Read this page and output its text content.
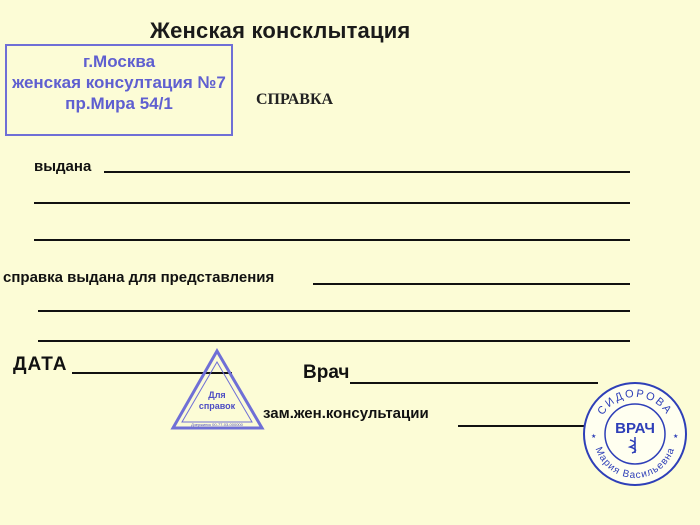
Женская консклытация
г.Москва
женская консултация №7
пр.Мира 54/1	СПРАВКА
выдана
справка выдана для представления
ДАТА	Врач
зам.жен.консультации
Для
справок
Дзержинск 00-77-03-000000
СИДОРОВА
Мария Васильевна
ВРАЧ
★	★
